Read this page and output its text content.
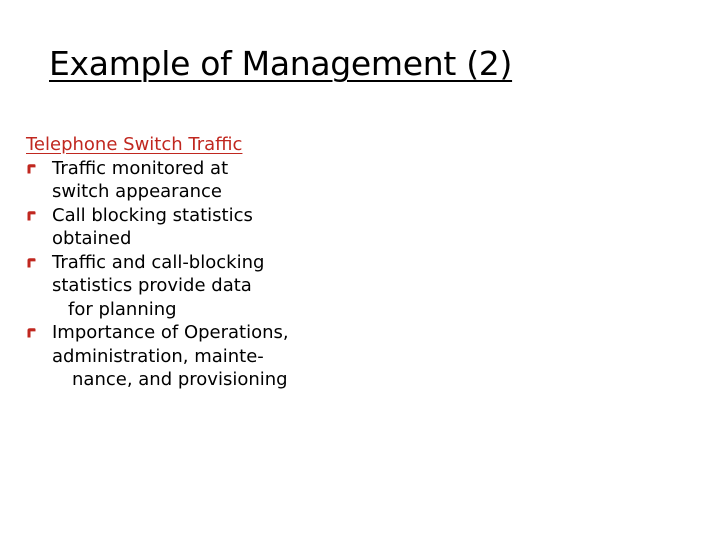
Example of Management (2)
Telephone Switch Traffic
Traffic monitored at
switch appearance
Call blocking statistics
obtained
Traffic and call-blocking
statistics provide data
for planning
Importance of Operations,
administration, mainte-
nance, and provisioning
